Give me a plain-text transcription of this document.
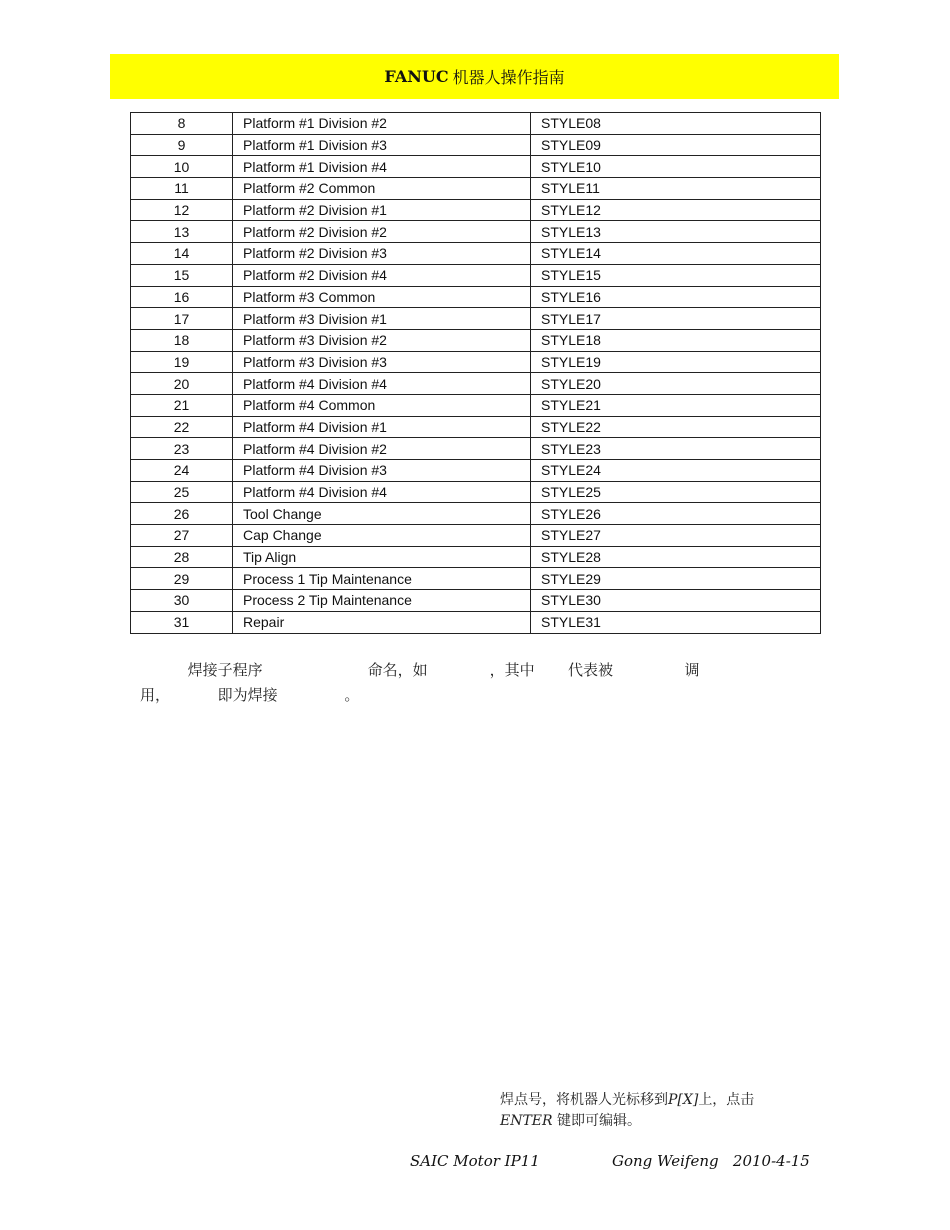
FANUC 机器人操作指南
8	Platform #1 Division #2	STYLE08
9	Platform #1 Division #3	STYLE09
10	Platform #1 Division #4	STYLE10
11	Platform #2 Common	STYLE11
12	Platform #2 Division #1	STYLE12
13	Platform #2 Division #2	STYLE13
14	Platform #2 Division #3	STYLE14
15	Platform #2 Division #4	STYLE15
16	Platform #3 Common	STYLE16
17	Platform #3 Division #1	STYLE17
18	Platform #3 Division #2	STYLE18
19	Platform #3 Division #3	STYLE19
20	Platform #4 Division #4	STYLE20
21	Platform #4 Common	STYLE21
22	Platform #4 Division #1	STYLE22
23	Platform #4 Division #2	STYLE23
24	Platform #4 Division #3	STYLE24
25	Platform #4 Division #4	STYLE25
26	Tool Change	STYLE26
27	Cap Change	STYLE27
28	Tip Align	STYLE28
29	Process 1 Tip Maintenance	STYLE29
30	Process 2 Tip Maintenance	STYLE30
31	Repair	STYLE31
焊接子程序                      命名，如             ，其中       代表被               调
用，          即为焊接              。
焊点号，将机器人光标移到P[X]上，点击
ENTER 键即可编辑。
SAIC Motor IP11	Gong Weifeng   2010-4-15
